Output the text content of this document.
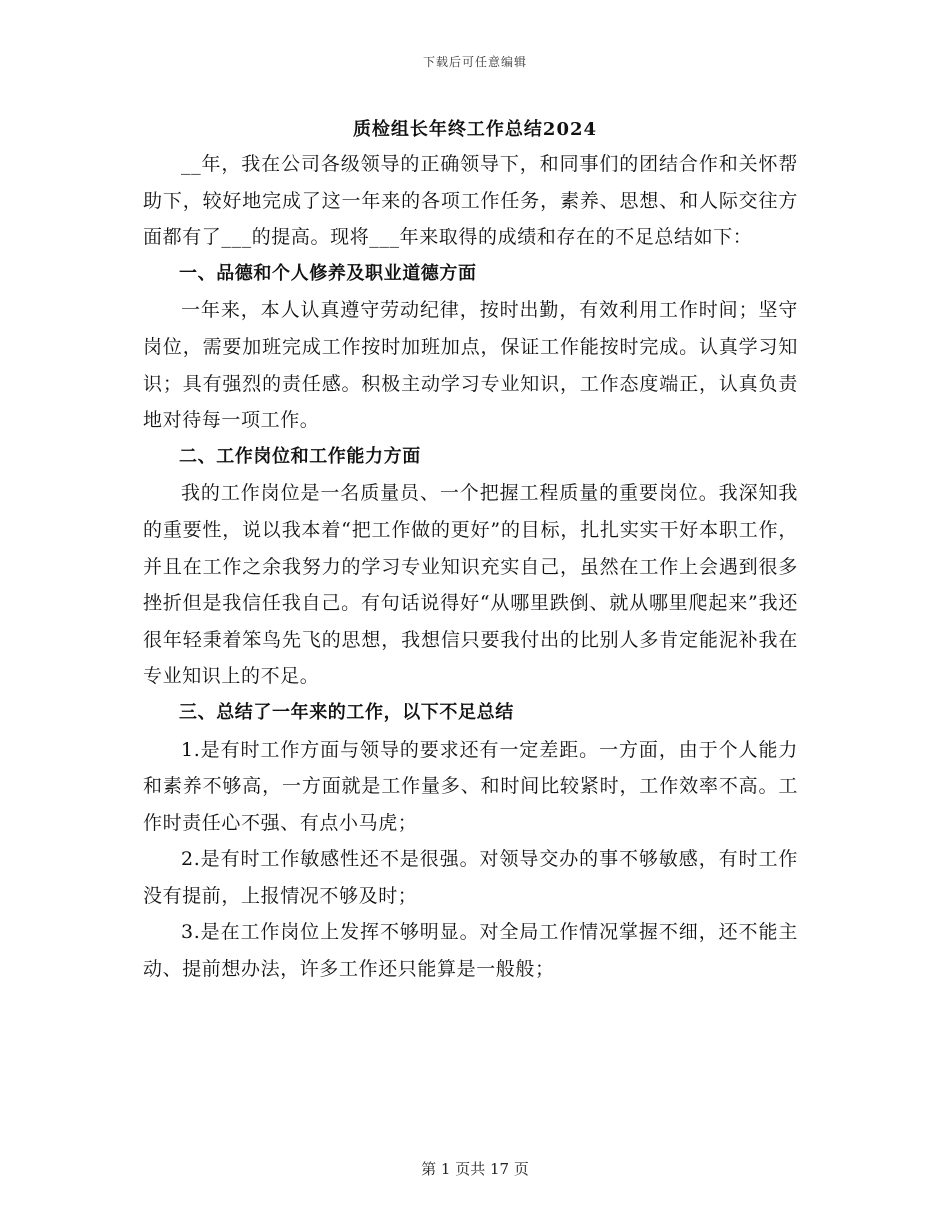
下载后可任意编辑
质检组长年终工作总结2024

__年，我在公司各级领导的正确领导下，和同事们的团结合作和关怀帮助下，较好地完成了这一年来的各项工作任务，素养、思想、和人际交往方面都有了___的提高。现将___年来取得的成绩和存在的不足总结如下：

一、品德和个人修养及职业道德方面

一年来，本人认真遵守劳动纪律，按时出勤，有效利用工作时间；坚守岗位，需要加班完成工作按时加班加点，保证工作能按时完成。认真学习知识；具有强烈的责任感。积极主动学习专业知识，工作态度端正，认真负责地对待每一项工作。

二、工作岗位和工作能力方面

我的工作岗位是一名质量员、一个把握工程质量的重要岗位。我深知我的重要性，说以我本着“把工作做的更好”的目标，扎扎实实干好本职工作，并且在工作之余我努力的学习专业知识充实自己，虽然在工作上会遇到很多挫折但是我信任我自己。有句话说得好“从哪里跌倒、就从哪里爬起来”我还很年轻秉着笨鸟先飞的思想，我想信只要我付出的比别人多肯定能泥补我在专业知识上的不足。

三、总结了一年来的工作，以下不足总结

1.是有时工作方面与领导的要求还有一定差距。一方面，由于个人能力和素养不够高，一方面就是工作量多、和时间比较紧时，工作效率不高。工作时责任心不强、有点小马虎；

2.是有时工作敏感性还不是很强。对领导交办的事不够敏感，有时工作没有提前，上报情况不够及时；

3.是在工作岗位上发挥不够明显。对全局工作情况掌握不细，还不能主动、提前想办法，许多工作还只能算是一般般；

第 1 页共 17 页
